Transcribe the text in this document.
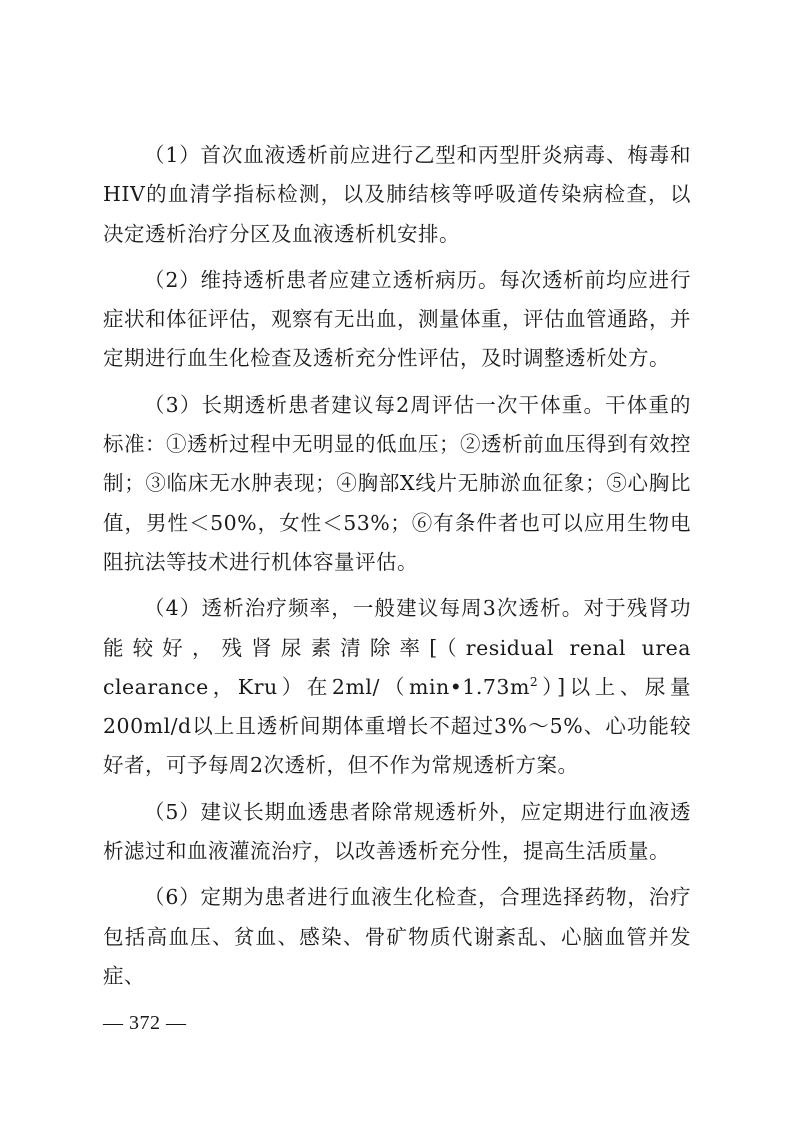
（1）首次血液透析前应进行乙型和丙型肝炎病毒、梅毒和HIV的血清学指标检测，以及肺结核等呼吸道传染病检查，以决定透析治疗分区及血液透析机安排。

（2）维持透析患者应建立透析病历。每次透析前均应进行症状和体征评估，观察有无出血，测量体重，评估血管通路，并定期进行血生化检查及透析充分性评估，及时调整透析处方。

（3）长期透析患者建议每2周评估一次干体重。干体重的标准：①透析过程中无明显的低血压；②透析前血压得到有效控制；③临床无水肿表现；④胸部X线片无肺淤血征象；⑤心胸比值，男性＜50%，女性＜53%；⑥有条件者也可以应用生物电阻抗法等技术进行机体容量评估。

（4）透析治疗频率，一般建议每周3次透析。对于残肾功能较好，残肾尿素清除率[（residual renal urea clearance，Kru）在$2ml/(\min•1.73m^2)$]以上、尿量200ml/d以上且透析间期体重增长不超过3%～5%、心功能较好者，可予每周2次透析，但不作为常规透析方案。

（5）建议长期血透患者除常规透析外，应定期进行血液透析滤过和血液灌流治疗，以改善透析充分性，提高生活质量。

（6）定期为患者进行血液生化检查，合理选择药物，治疗包括高血压、贫血、感染、骨矿物质代谢紊乱、心脑血管并发症、

— 372 —
